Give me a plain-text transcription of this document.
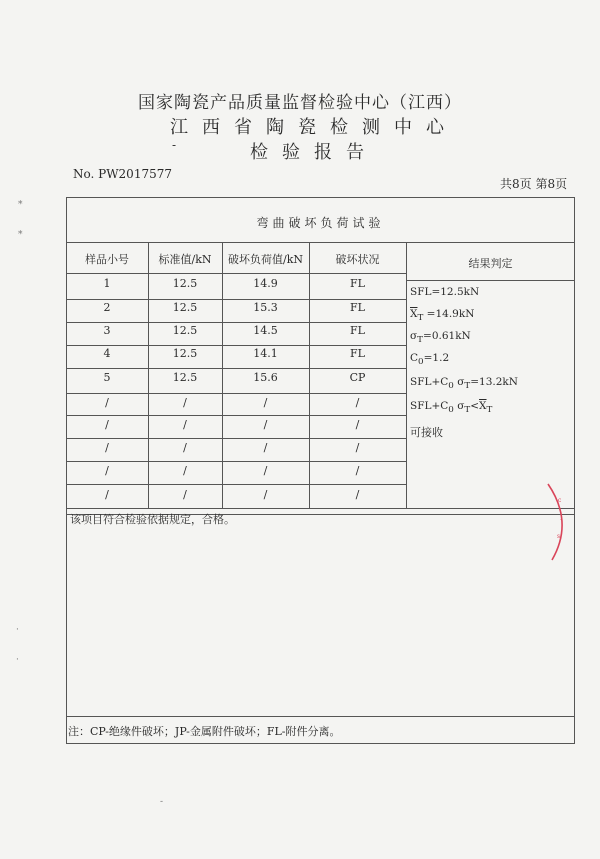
国家陶瓷产品质量监督检验中心（江西）
江西省陶瓷检测中心
-	检验报告
No. PW2017577
共8页 第8页
*
*
·
·
-
弯曲破坏负荷试验
样品小号	标准值/kN	破坏负荷值/kN	破坏状况	结果判定
1	12.5	14.9	FL
2	12.5	15.3	FL
3	12.5	14.5	FL
4	12.5	14.1	FL
5	12.5	15.6	CP
/	/	/	/
/	/	/	/
/	/	/	/
/	/	/	/
/	/	/	/
SFL=12.5kN
$\overline{X}_T =14.9kN$
$\sigma_T=0.61kN$
$C_0=1.2$
$SFL+C_0$ $\sigma_T=13.2kN$
$SFL+C_0$ $\sigma_T<\overline{X}_T$
可接收
该项目符合检验依据规定，合格。
注：CP-绝缘件破坏；JP-金属附件破坏；FL-附件分离。
c
·
s
